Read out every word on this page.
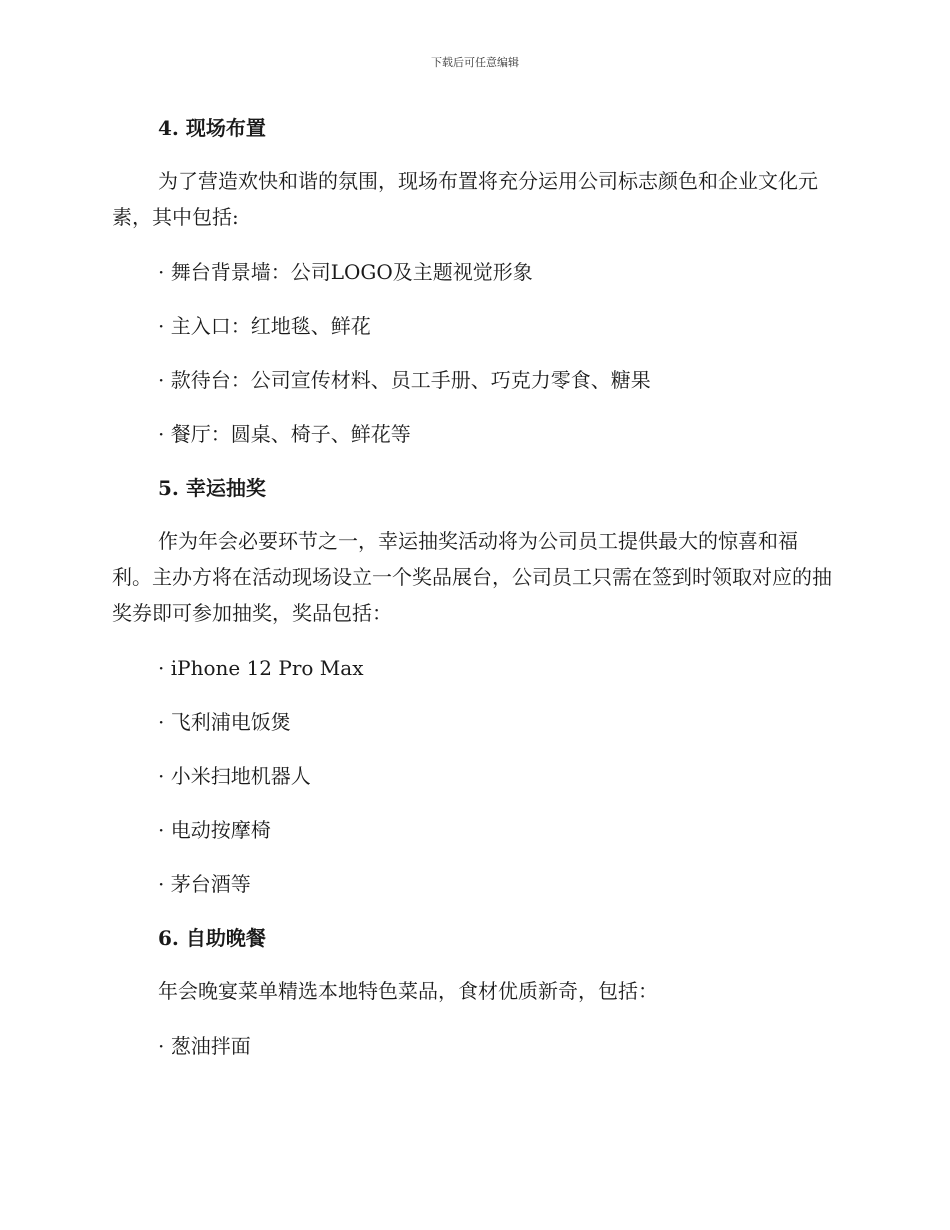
下载后可任意编辑
4. 现场布置

为了营造欢快和谐的氛围，现场布置将充分运用公司标志颜色和企业文化元素，其中包括:

· 舞台背景墙：公司LOGO及主题视觉形象
· 主入口：红地毯、鲜花
· 款待台：公司宣传材料、员工手册、巧克力零食、糖果
· 餐厅：圆桌、椅子、鲜花等
5. 幸运抽奖

作为年会必要环节之一，幸运抽奖活动将为公司员工提供最大的惊喜和福利。主办方将在活动现场设立一个奖品展台，公司员工只需在签到时领取对应的抽奖券即可参加抽奖，奖品包括：

· iPhone 12 Pro Max
· 飞利浦电饭煲
· 小米扫地机器人
· 电动按摩椅
· 茅台酒等
6. 自助晚餐

年会晚宴菜单精选本地特色菜品，食材优质新奇，包括：

· 葱油拌面
